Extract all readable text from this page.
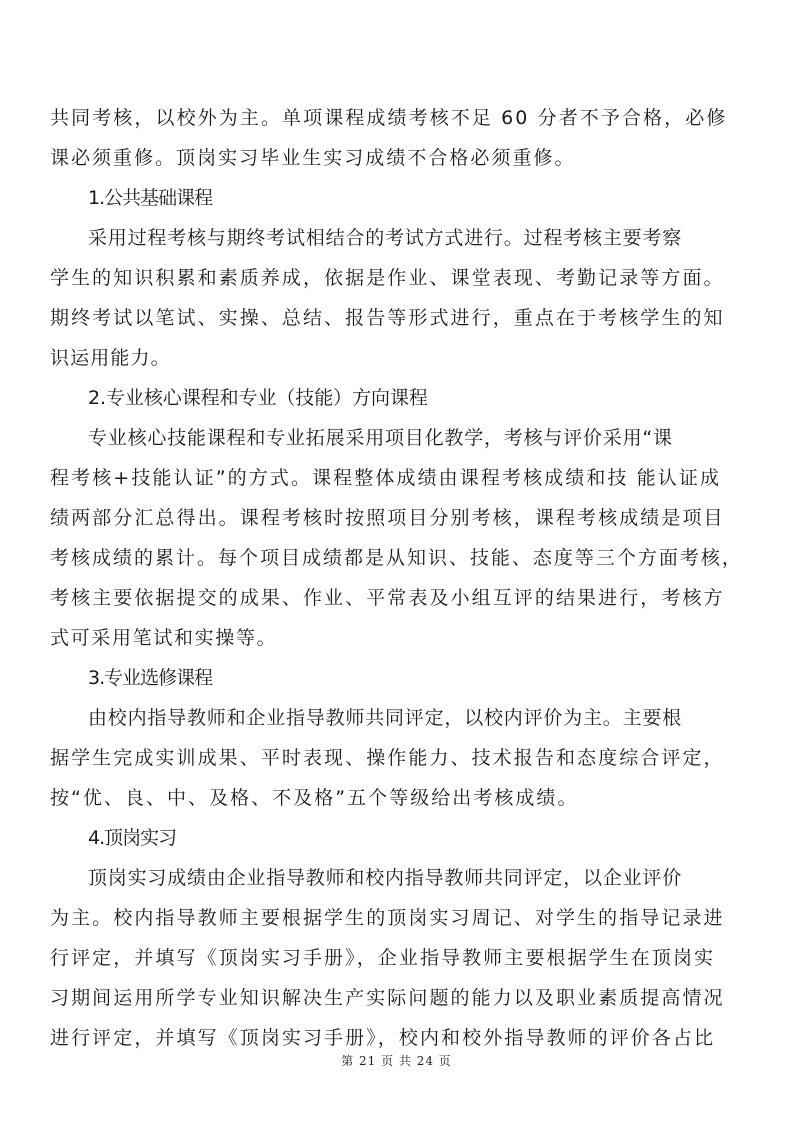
共同考核，以校外为主。单项课程成绩考核不足 60 分者不予合格，必修
课必须重修。顶岗实习毕业生实习成绩不合格必须重修。
1.公共基础课程
采用过程考核与期终考试相结合的考试方式进行。过程考核主要考察
学生的知识积累和素质养成，依据是作业、课堂表现、考勤记录等方面。
期终考试以笔试、实操、总结、报告等形式进行，重点在于考核学生的知
识运用能力。
2.专业核心课程和专业（技能）方向课程
专业核心技能课程和专业拓展采用项目化教学，考核与评价采用“课
程考核+技能认证”的方式。课程整体成绩由课程考核成绩和技 能认证成
绩两部分汇总得出。课程考核时按照项目分别考核，课程考核成绩是项目
考核成绩的累计。每个项目成绩都是从知识、技能、态度等三个方面考核，
考核主要依据提交的成果、作业、平常表及小组互评的结果进行，考核方
式可采用笔试和实操等。
3.专业选修课程
由校内指导教师和企业指导教师共同评定，以校内评价为主。主要根
据学生完成实训成果、平时表现、操作能力、技术报告和态度综合评定，
按“优、良、中、及格、不及格”五个等级给出考核成绩。
4.顶岗实习
顶岗实习成绩由企业指导教师和校内指导教师共同评定，以企业评价
为主。校内指导教师主要根据学生的顶岗实习周记、对学生的指导记录进
行评定，并填写《顶岗实习手册》，企业指导教师主要根据学生在顶岗实
习期间运用所学专业知识解决生产实际问题的能力以及职业素质提高情况
进行评定，并填写《顶岗实习手册》，校内和校外指导教师的评价各占比
第 21 页 共 24 页
